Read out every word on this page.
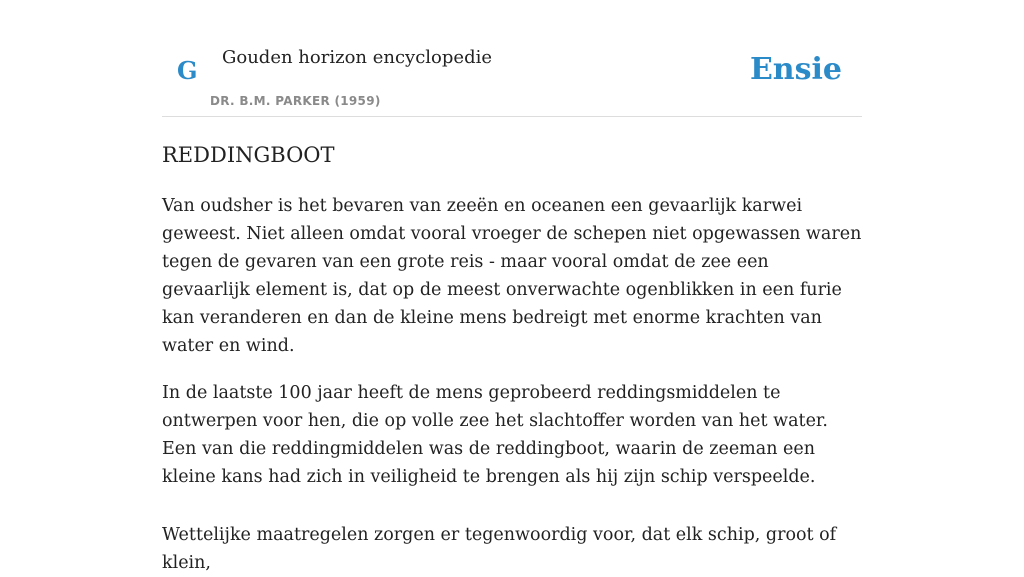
G Gouden horizon encyclopedie
DR. B.M. PARKER (1959)
Ensie
REDDINGBOOT

Van oudsher is het bevaren van zeeën en oceanen een gevaarlijk karwei geweest. Niet alleen omdat vooral vroeger de schepen niet opgewassen waren tegen de gevaren van een grote reis - maar vooral omdat de zee een gevaarlijk element is, dat op de meest onverwachte ogenblikken in een furie kan veranderen en dan de kleine mens bedreigt met enorme krachten van water en wind.

In de laatste 100 jaar heeft de mens geprobeerd reddingsmiddelen te ontwerpen voor hen, die op volle zee het slachtoffer worden van het water. Een van die reddingmiddelen was de reddingboot, waarin de zeeman een kleine kans had zich in veiligheid te brengen als hij zijn schip verspeelde.

Wettelijke maatregelen zorgen er tegenwoordig voor, dat elk schip, groot of klein,
